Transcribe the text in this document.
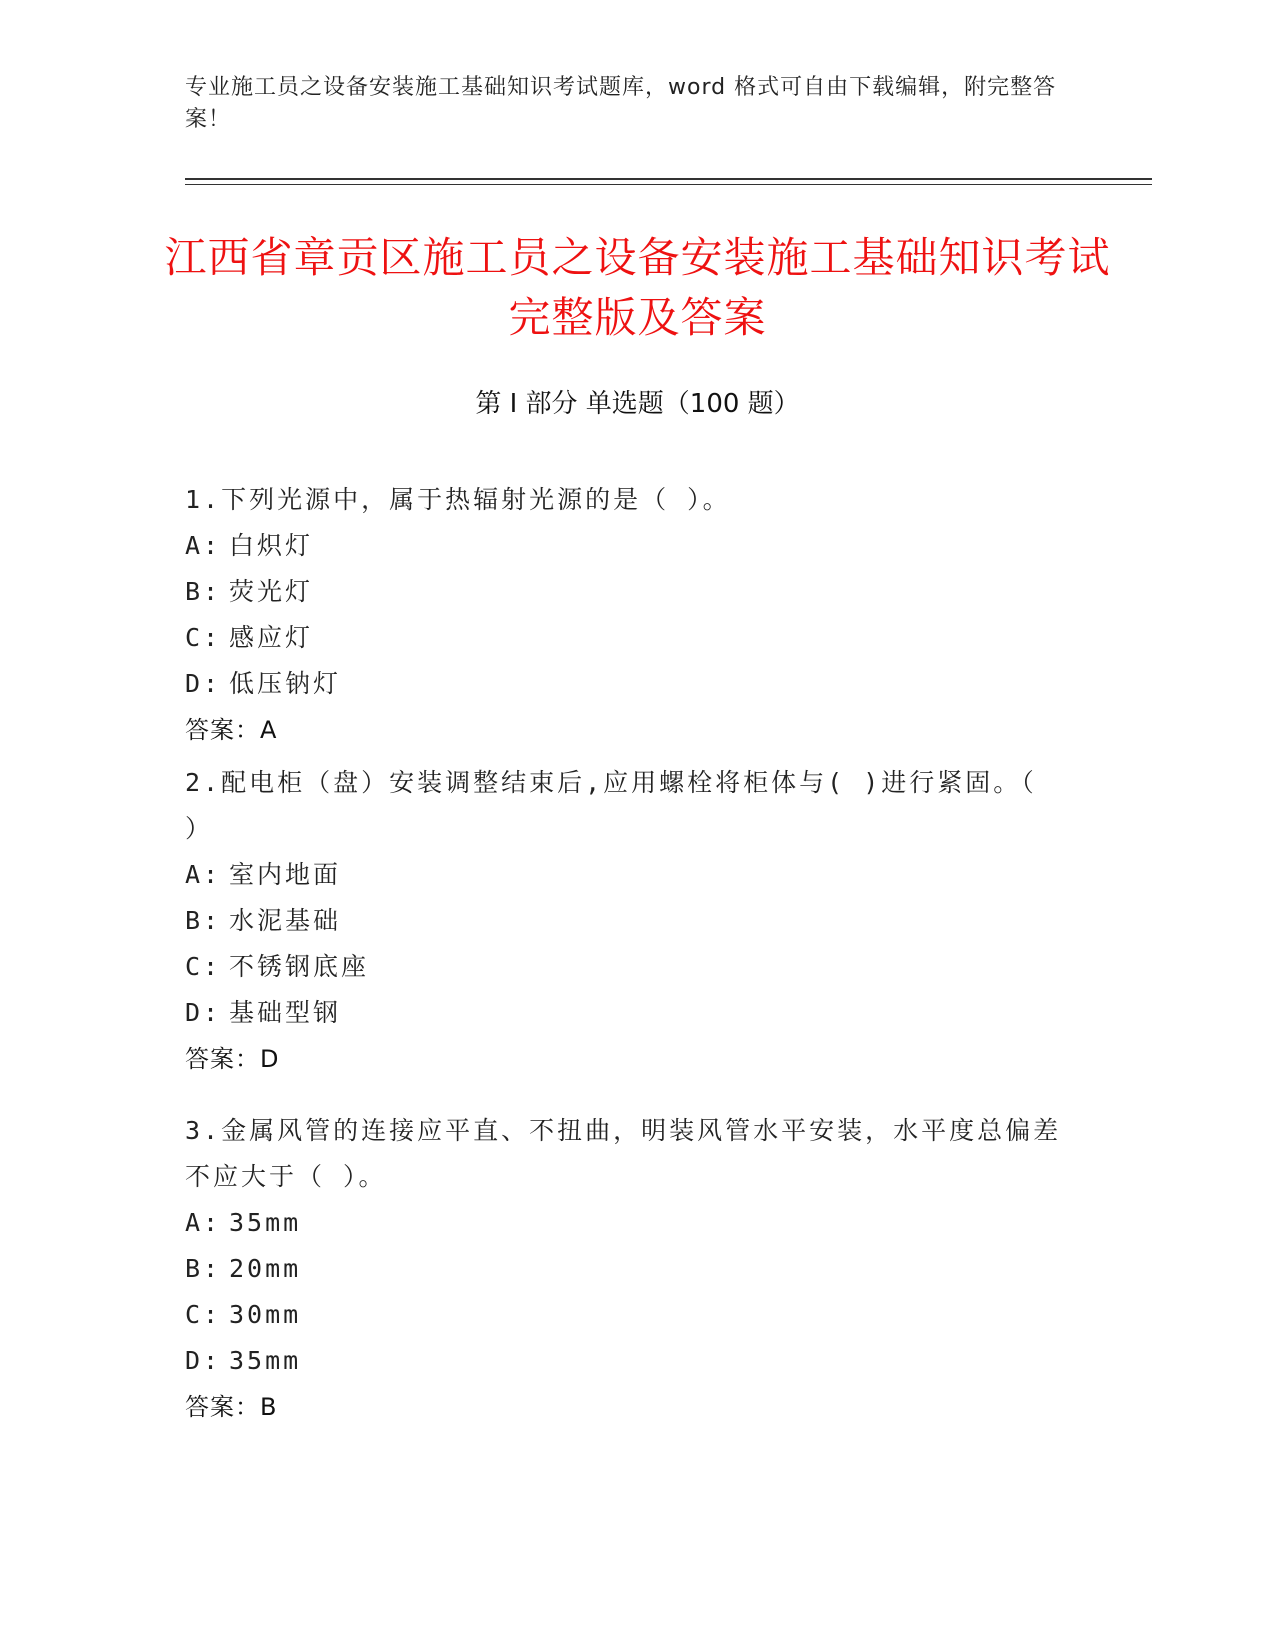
专业施工员之设备安装施工基础知识考试题库，word 格式可自由下载编辑，附完整答案！
江西省章贡区施工员之设备安装施工基础知识考试完整版及答案
第 I 部分 单选题（100 题）

1.下列光源中，属于热辐射光源的是（ ）。

A: 白炽灯

B: 荧光灯

C: 感应灯

D: 低压钠灯

答案：A

2.配电柜（盘）安装调整结束后,应用螺栓将柜体与( )进行紧固。（ ）

A: 室内地面

B: 水泥基础

C: 不锈钢底座

D: 基础型钢

答案：D

3.金属风管的连接应平直、不扭曲，明装风管水平安装，水平度总偏差不应大于（ ）。

A: 35mm

B: 20mm

C: 30mm

D: 35mm

答案：B
